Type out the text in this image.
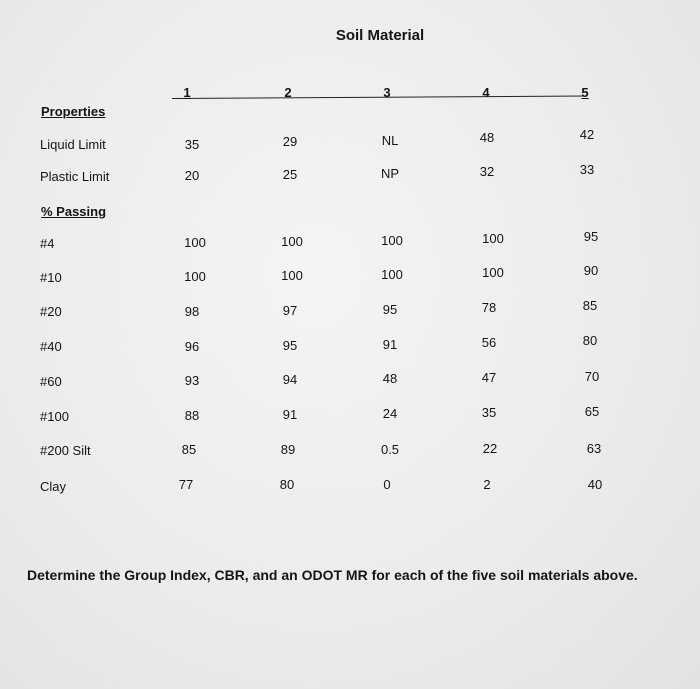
Soil Material
1	2	3	4	5
Properties
% Passing
Liquid Limit	35	29	NL	48	42
Plastic Limit	20	25	NP	32	33
#4	100	100	100	100	95
#10	100	100	100	100	90
#20	98	97	95	78	85
#40	96	95	91	56	80
#60	93	94	48	47	70
#100	88	91	24	35	65
#200 Silt	85	89	0.5	22	63
Clay	77	80	0	2	40
Determine the Group Index, CBR, and an ODOT MR for each of the five soil materials above.
